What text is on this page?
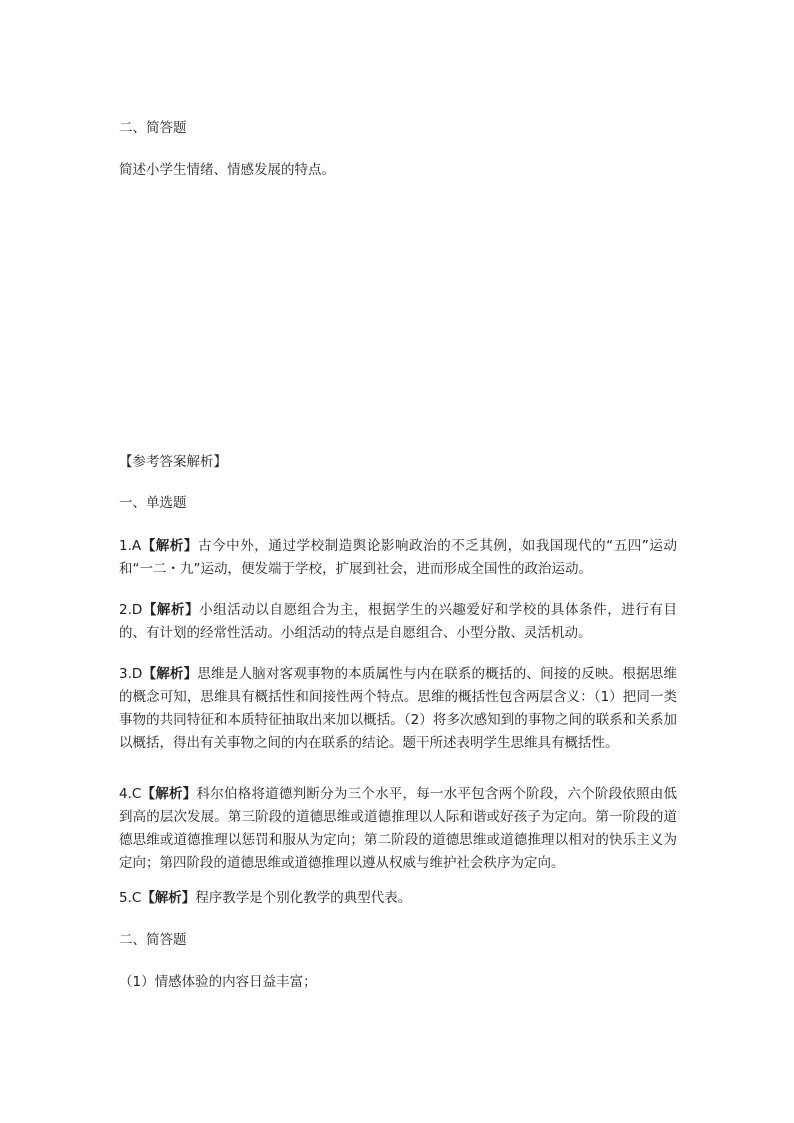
二、简答题

简述小学生情绪、情感发展的特点。

【参考答案解析】

一、单选题

1.A【解析】古今中外，通过学校制造舆论影响政治的不乏其例，如我国现代的“五四”运动和“一二・九”运动，便发端于学校，扩展到社会，进而形成全国性的政治运动。

2.D【解析】小组活动以自愿组合为主，根据学生的兴趣爱好和学校的具体条件，进行有目的、有计划的经常性活动。小组活动的特点是自愿组合、小型分散、灵活机动。

3.D【解析】思维是人脑对客观事物的本质属性与内在联系的概括的、间接的反映。根据思维的概念可知，思维具有概括性和间接性两个特点。思维的概括性包含两层含义：（1）把同一类事物的共同特征和本质特征抽取出来加以概括。（2）将多次感知到的事物之间的联系和关系加以概括，得出有关事物之间的内在联系的结论。题干所述表明学生思维具有概括性。

4.C【解析】科尔伯格将道德判断分为三个水平，每一水平包含两个阶段，六个阶段依照由低到高的层次发展。第三阶段的道德思维或道德推理以人际和谐或好孩子为定向。第一阶段的道德思维或道德推理以惩罚和服从为定向；第二阶段的道德思维或道德推理以相对的快乐主义为定向；第四阶段的道德思维或道德推理以遵从权威与维护社会秩序为定向。

5.C【解析】程序教学是个别化教学的典型代表。

二、简答题

（1）情感体验的内容日益丰富；
